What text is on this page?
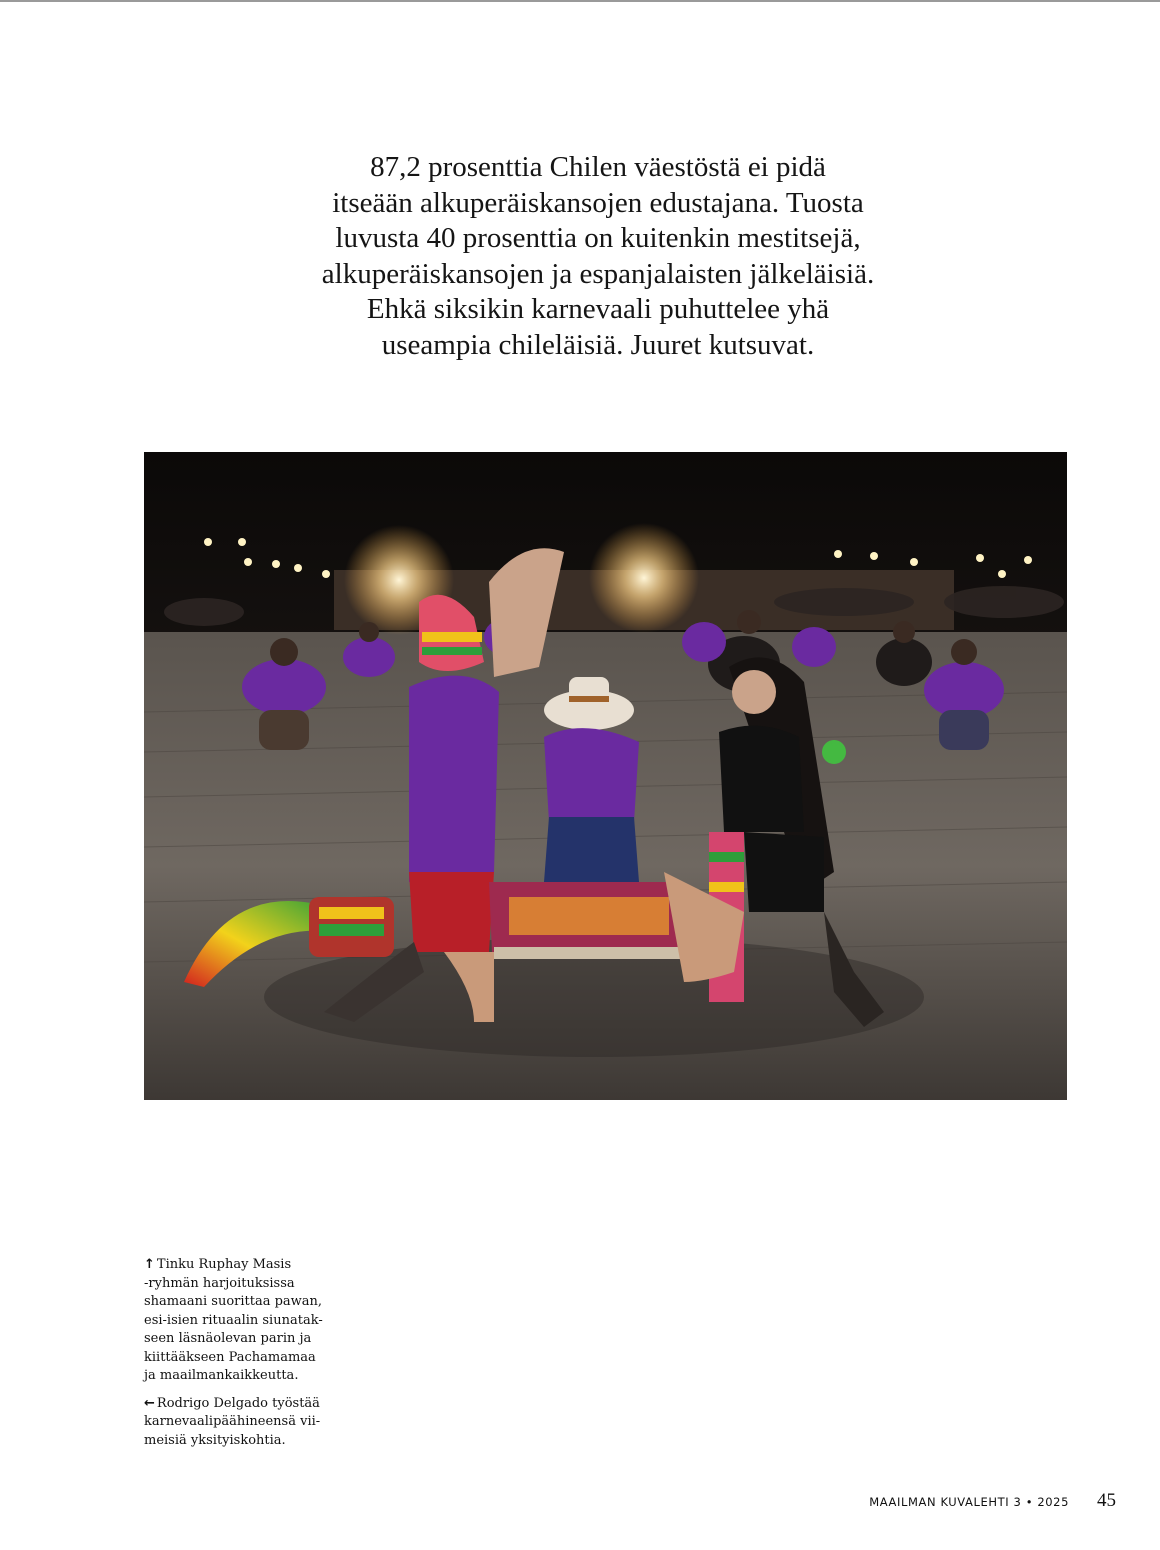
87,2 prosenttia Chilen väestöstä ei pidä
itseään alkuperäiskansojen edustajana. Tuosta
luvusta 40 prosenttia on kuitenkin mestitsejä,
alkuperäiskansojen ja espanjalaisten jälkeläisiä.
Ehkä siksikin karnevaali puhuttelee yhä
useampia chileläisiä. Juuret kutsuvat.
↑ Tinku Ruphay Masis
-ryhmän harjoituksissa
shamaani suorittaa pawan,
esi-isien rituaalin siunatak-
seen läsnäolevan parin ja
kiittääkseen Pachamamaa
ja maailmankaikkeutta.
← Rodrigo Delgado työstää
karnevaalipäähineensä vii-
meisiä yksityiskohtia.
MAAILMAN KUVALEHTI 3 • 2025 45
